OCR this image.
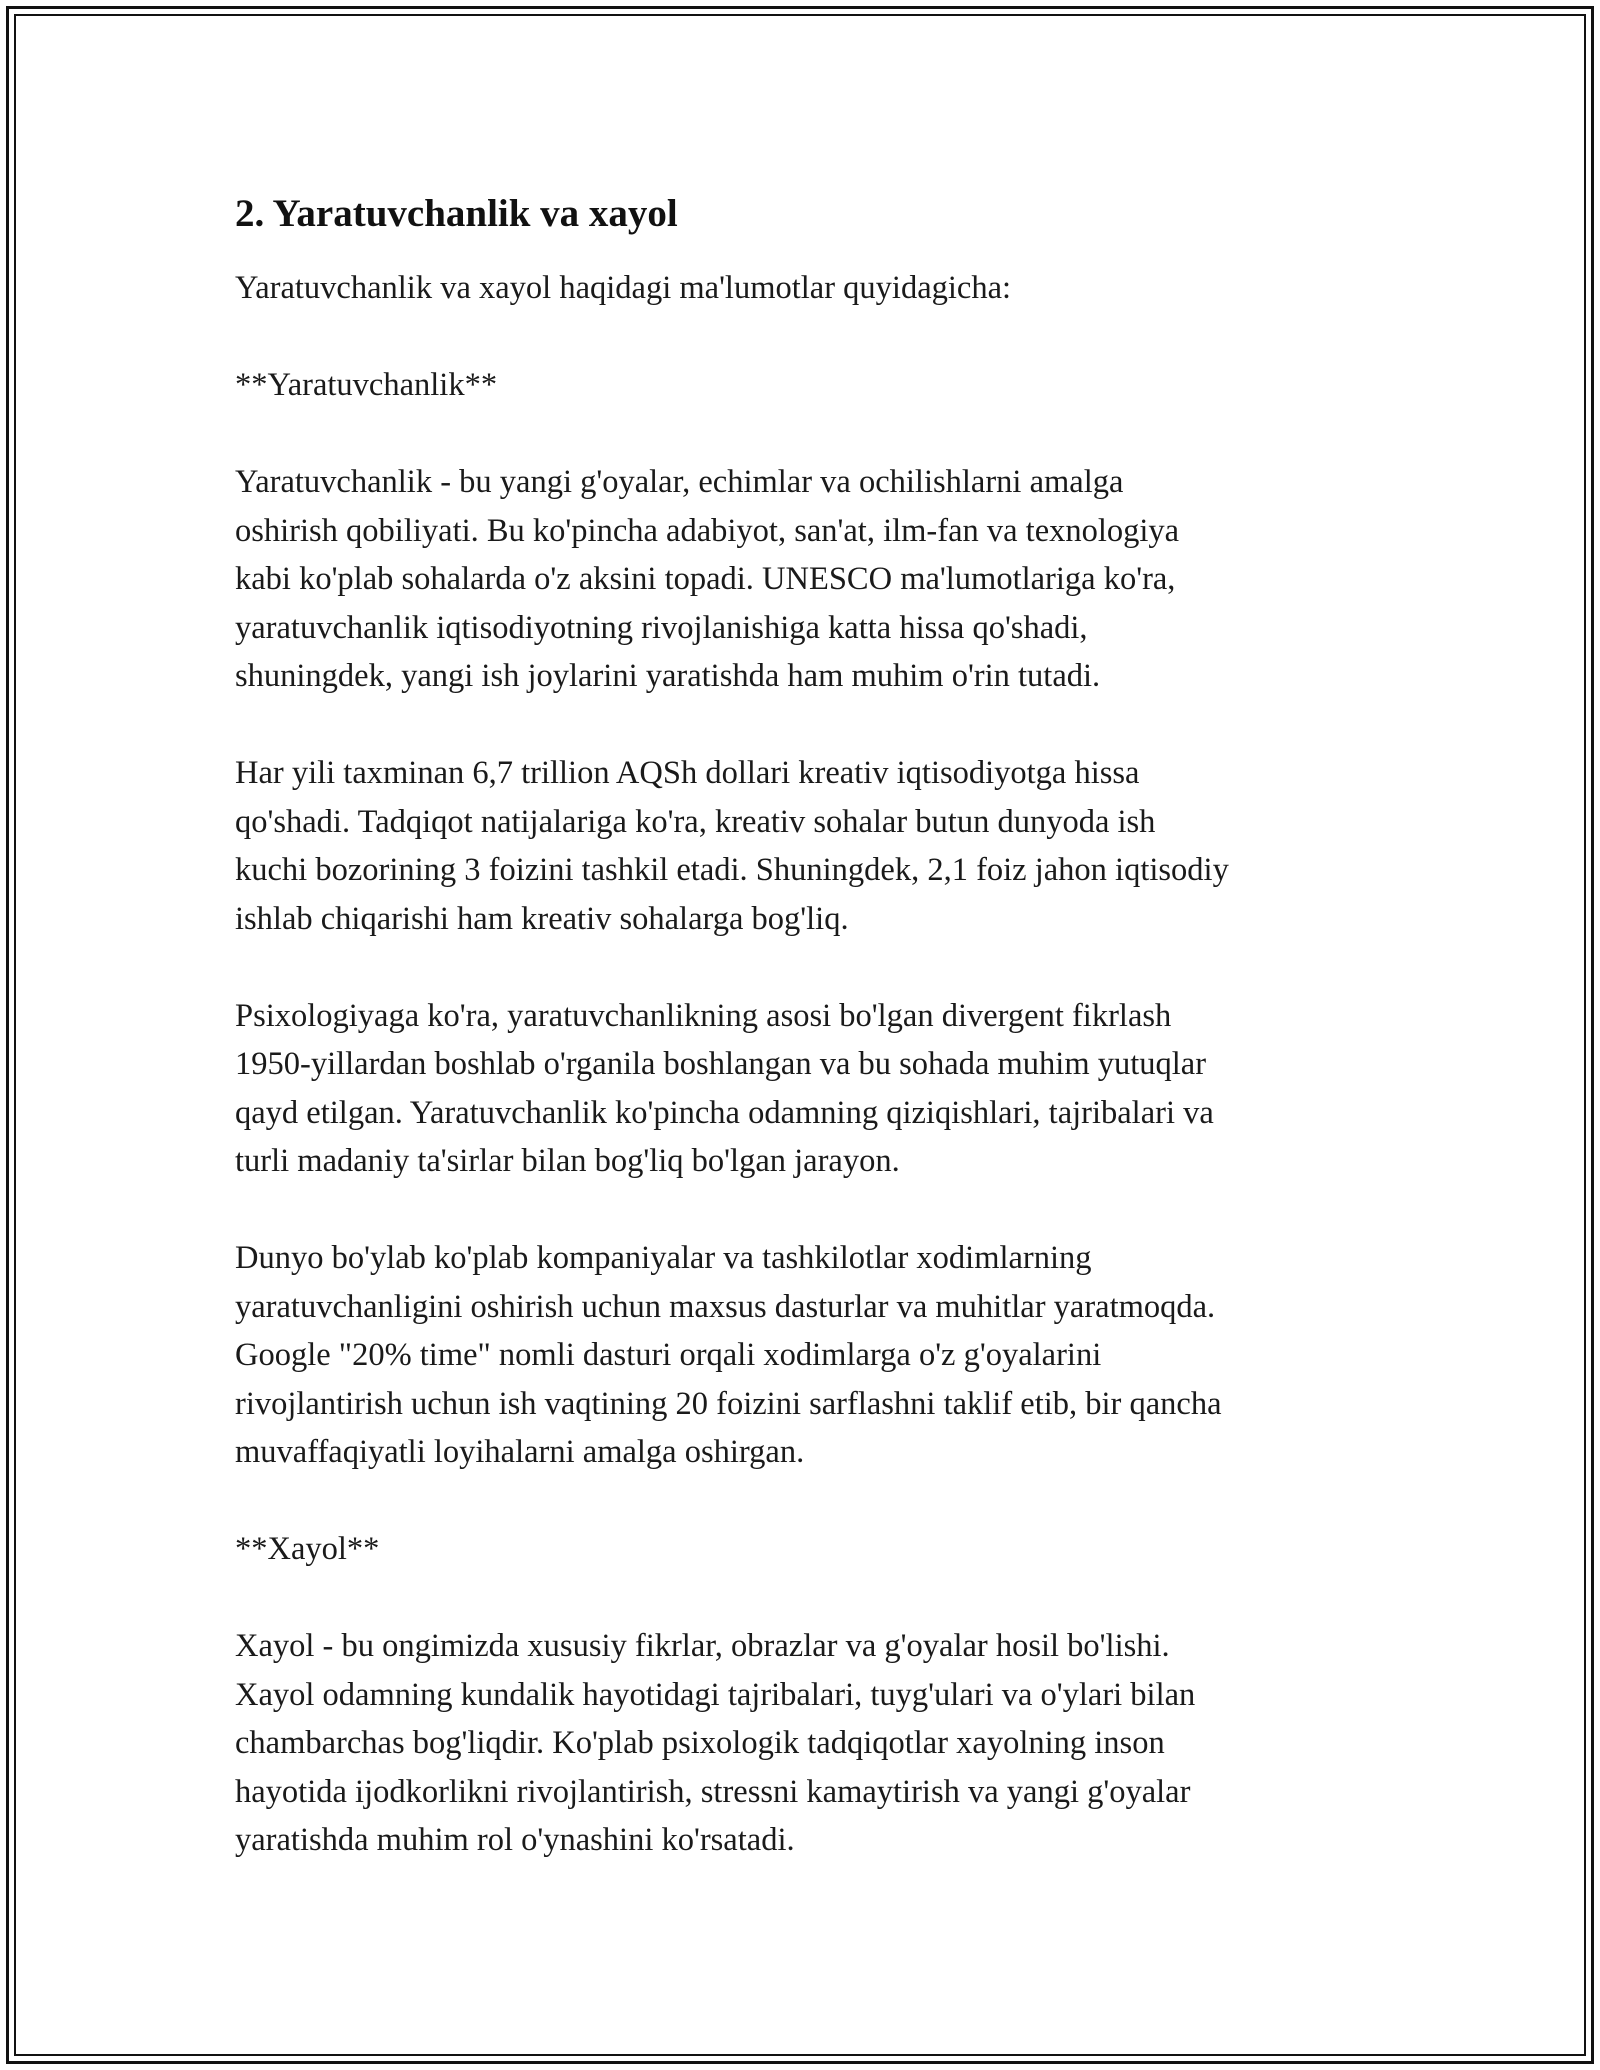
2. Yaratuvchanlik va xayol

Yaratuvchanlik va xayol haqidagi ma'lumotlar quyidagicha:

**Yaratuvchanlik**

Yaratuvchanlik - bu yangi g'oyalar, echimlar va ochilishlarni amalga
oshirish qobiliyati. Bu ko'pincha adabiyot, san'at, ilm-fan va texnologiya
kabi ko'plab sohalarda o'z aksini topadi. UNESCO ma'lumotlariga ko'ra,
yaratuvchanlik iqtisodiyotning rivojlanishiga katta hissa qo'shadi,
shuningdek, yangi ish joylarini yaratishda ham muhim o'rin tutadi.

Har yili taxminan 6,7 trillion AQSh dollari kreativ iqtisodiyotga hissa
qo'shadi. Tadqiqot natijalariga ko'ra, kreativ sohalar butun dunyoda ish
kuchi bozorining 3 foizini tashkil etadi. Shuningdek, 2,1 foiz jahon iqtisodiy
ishlab chiqarishi ham kreativ sohalarga bog'liq.

Psixologiyaga ko'ra, yaratuvchanlikning asosi bo'lgan divergent fikrlash
1950-yillardan boshlab o'rganila boshlangan va bu sohada muhim yutuqlar
qayd etilgan. Yaratuvchanlik ko'pincha odamning qiziqishlari, tajribalari va
turli madaniy ta'sirlar bilan bog'liq bo'lgan jarayon.

Dunyo bo'ylab ko'plab kompaniyalar va tashkilotlar xodimlarning
yaratuvchanligini oshirish uchun maxsus dasturlar va muhitlar yaratmoqda.
Google "20% time" nomli dasturi orqali xodimlarga o'z g'oyalarini
rivojlantirish uchun ish vaqtining 20 foizini sarflashni taklif etib, bir qancha
muvaffaqiyatli loyihalarni amalga oshirgan.

**Xayol**

Xayol - bu ongimizda xususiy fikrlar, obrazlar va g'oyalar hosil bo'lishi.
Xayol odamning kundalik hayotidagi tajribalari, tuyg'ulari va o'ylari bilan
chambarchas bog'liqdir. Ko'plab psixologik tadqiqotlar xayolning inson
hayotida ijodkorlikni rivojlantirish, stressni kamaytirish va yangi g'oyalar
yaratishda muhim rol o'ynashini ko'rsatadi.
